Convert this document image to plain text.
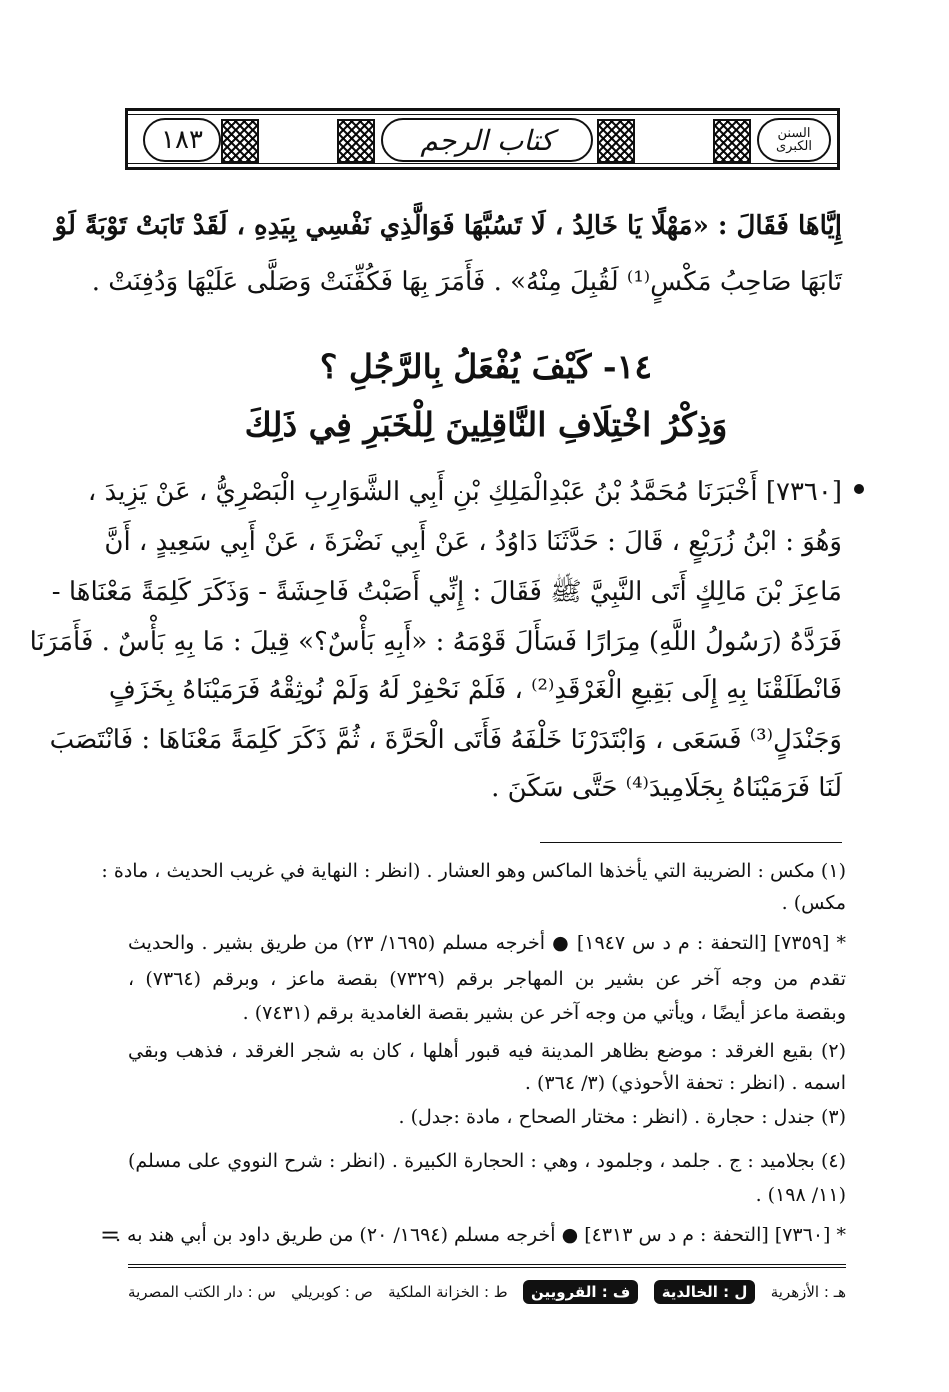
١٨٣	كتاب الرجم	السنن الكبرى
إِيَّاهَا فَقَالَ : «مَهْلًا يَا خَالِدُ ، لَا تَسُبَّهَا فَوَالَّذِي نَفْسِي بِيَدِهِ ، لَقَدْ تَابَتْ تَوْبَةً لَوْ
تَابَهَا صَاحِبُ مَكْسٍ⁽¹⁾ لَقُبِلَ مِنْهُ» . فَأَمَرَ بِهَا فَكُفِّنَتْ وَصَلَّى عَلَيْهَا وَدُفِنَتْ .
١٤- كَيْفَ يُفْعَلُ بِالرَّجُلِ ؟
وَذِكْرُ اخْتِلَافِ النَّاقِلِينَ لِلْخَبَرِ فِي ذَلِكَ
[٧٣٦٠] أَخْبَرَنَا مُحَمَّدُ بْنُ عَبْدِالْمَلِكِ بْنِ أَبِي الشَّوَارِبِ الْبَصْرِيُّ ، عَنْ يَزِيدَ ،
وَهُوَ : ابْنُ زُرَيْعٍ ، قَالَ : حَدَّثَنَا دَاوُدُ ، عَنْ أَبِي نَضْرَةَ ، عَنْ أَبِي سَعِيدٍ ، أَنَّ
مَاعِزَ بْنَ مَالِكٍ أَتَى النَّبِيَّ ﷺ فَقَالَ : إِنِّي أَصَبْتُ فَاحِشَةً - وَذَكَرَ كَلِمَةً مَعْنَاهَا -
فَرَدَّهُ (رَسُولُ اللَّهِ) مِرَارًا فَسَأَلَ قَوْمَهُ : «أَبِهِ بَأْسٌ؟» قِيلَ : مَا بِهِ بَأْسٌ . فَأَمَرَنَا
فَانْطَلَقْنَا بِهِ إِلَى بَقِيعِ الْغَرْقَدِ⁽²⁾ ، فَلَمْ نَحْفِرْ لَهُ وَلَمْ نُوثِقْهُ فَرَمَيْنَاهُ بِخَزَفٍ
وَجَنْدَلٍ⁽³⁾ فَسَعَى ، وَابْتَدَرْنَا خَلْفَهُ فَأَتَى الْحَرَّةَ ، ثُمَّ ذَكَرَ كَلِمَةً مَعْنَاهَا : فَانْتَصَبَ
لَنَا فَرَمَيْنَاهُ بِجَلَامِيدَ⁽⁴⁾ حَتَّى سَكَنَ .
(١) مكس : الضريبة التي يأخذها الماكس وهو العشار . (انظر : النهاية في غريب الحديث ، مادة :
مكس) .
* [٧٣٥٩] [التحفة : م د س ١٩٤٧] ● أخرجه مسلم (١٦٩٥/ ٢٣) من طريق بشير . والحديث
تقدم من وجه آخر عن بشير بن المهاجر برقم (٧٣٢٩) بقصة ماعز ، وبرقم (٧٣٦٤) ،
وبقصة ماعز أيضًا ، ويأتي من وجه آخر عن بشير بقصة الغامدية برقم (٧٤٣١) .
(٢) بقيع الغرقد : موضع بظاهر المدينة فيه قبور أهلها ، كان به شجر الغرقد ، فذهب وبقي
اسمه . (انظر : تحفة الأحوذي) (٣/ ٣٦٤) .
(٣) جندل : حجارة . (انظر : مختار الصحاح ، مادة :جدل) .
(٤) بجلاميد : ج . جلمد ، وجلمود ، وهي : الحجارة الكبيرة . (انظر : شرح النووي على مسلم)
(١١/ ١٩٨) .
* [٧٣٦٠] [التحفة : م د س ٤٣١٣] ● أخرجه مسلم (١٦٩٤/ ٢٠) من طريق داود بن أبي هند به .
=
س : دار الكتب المصرية ص : كوبريلي ط : الخزانة الملكية	ف : القرويين	ل : الخالدية	هـ : الأزهرية
